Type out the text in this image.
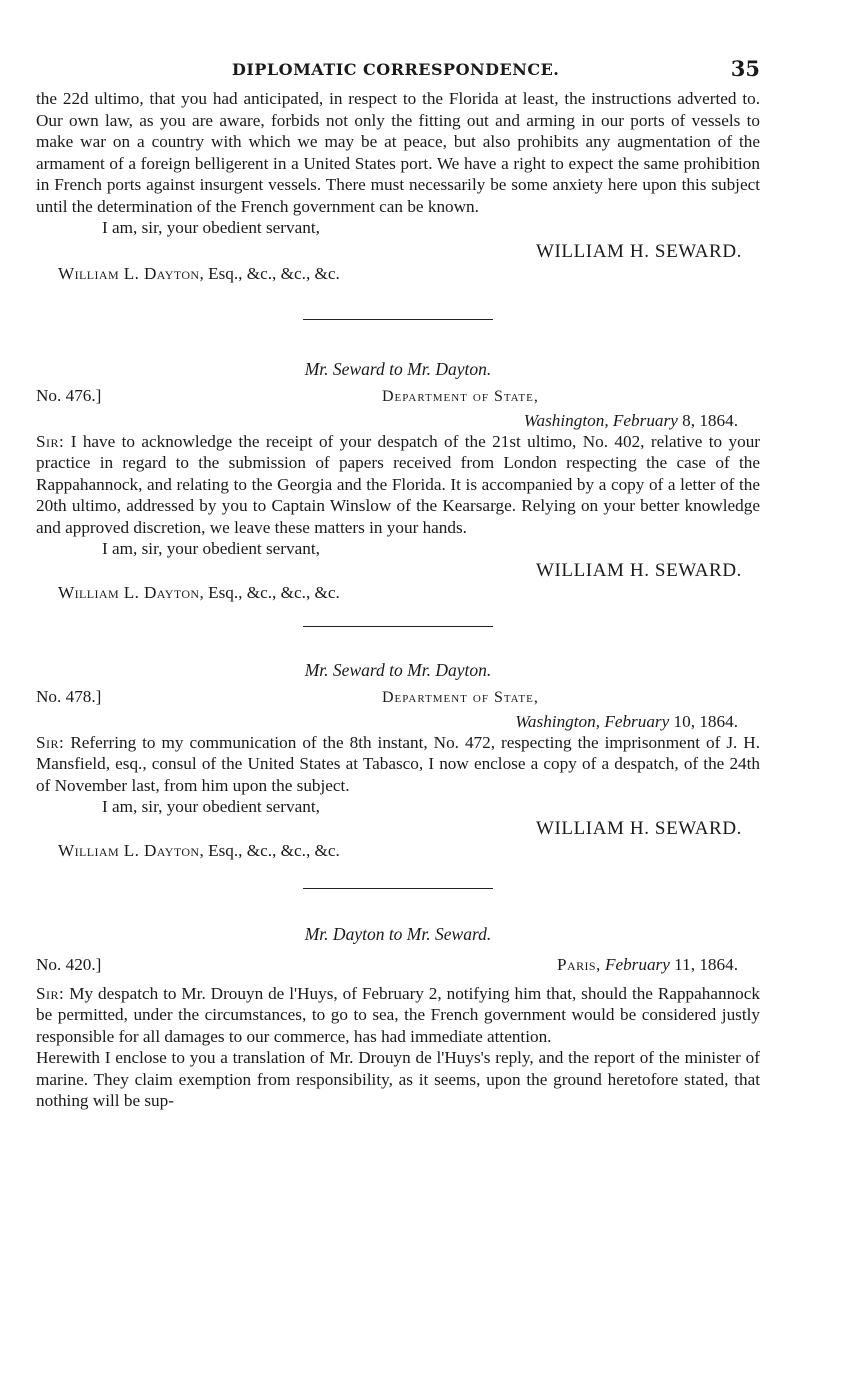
DIPLOMATIC CORRESPONDENCE.	35

the 22d ultimo, that you had anticipated, in respect to the Florida at least, the instructions adverted to. Our own law, as you are aware, forbids not only the fitting out and arming in our ports of vessels to make war on a country with which we may be at peace, but also prohibits any augmentation of the armament of a foreign belligerent in a United States port. We have a right to expect the same prohibition in French ports against insurgent vessels. There must necessarily be some anxiety here upon this subject until the determination of the French government can be known.

I am, sir, your obedient servant,

WILLIAM H. SEWARD.

William L. Dayton, Esq., &c., &c., &c.

Mr. Seward to Mr. Dayton.

No. 476.]	Department of State,

Washington, February 8, 1864.

Sir: I have to acknowledge the receipt of your despatch of the 21st ultimo, No. 402, relative to your practice in regard to the submission of papers received from London respecting the case of the Rappahannock, and relating to the Georgia and the Florida. It is accompanied by a copy of a letter of the 20th ultimo, addressed by you to Captain Winslow of the Kearsarge. Relying on your better knowledge and approved discretion, we leave these matters in your hands.

I am, sir, your obedient servant,

WILLIAM H. SEWARD.

William L. Dayton, Esq., &c., &c., &c.

Mr. Seward to Mr. Dayton.

No. 478.]	Department of State,

Washington, February 10, 1864.

Sir: Referring to my communication of the 8th instant, No. 472, respecting the imprisonment of J. H. Mansfield, esq., consul of the United States at Tabasco, I now enclose a copy of a despatch, of the 24th of November last, from him upon the subject.

I am, sir, your obedient servant,

WILLIAM H. SEWARD.

William L. Dayton, Esq., &c., &c., &c.

Mr. Dayton to Mr. Seward.

No. 420.]	Paris, February 11, 1864.

Sir: My despatch to Mr. Drouyn de l'Huys, of February 2, notifying him that, should the Rappahannock be permitted, under the circumstances, to go to sea, the French government would be considered justly responsible for all damages to our commerce, has had immediate attention.

Herewith I enclose to you a translation of Mr. Drouyn de l'Huys's reply, and the report of the minister of marine. They claim exemption from responsibility, as it seems, upon the ground heretofore stated, that nothing will be sup-
